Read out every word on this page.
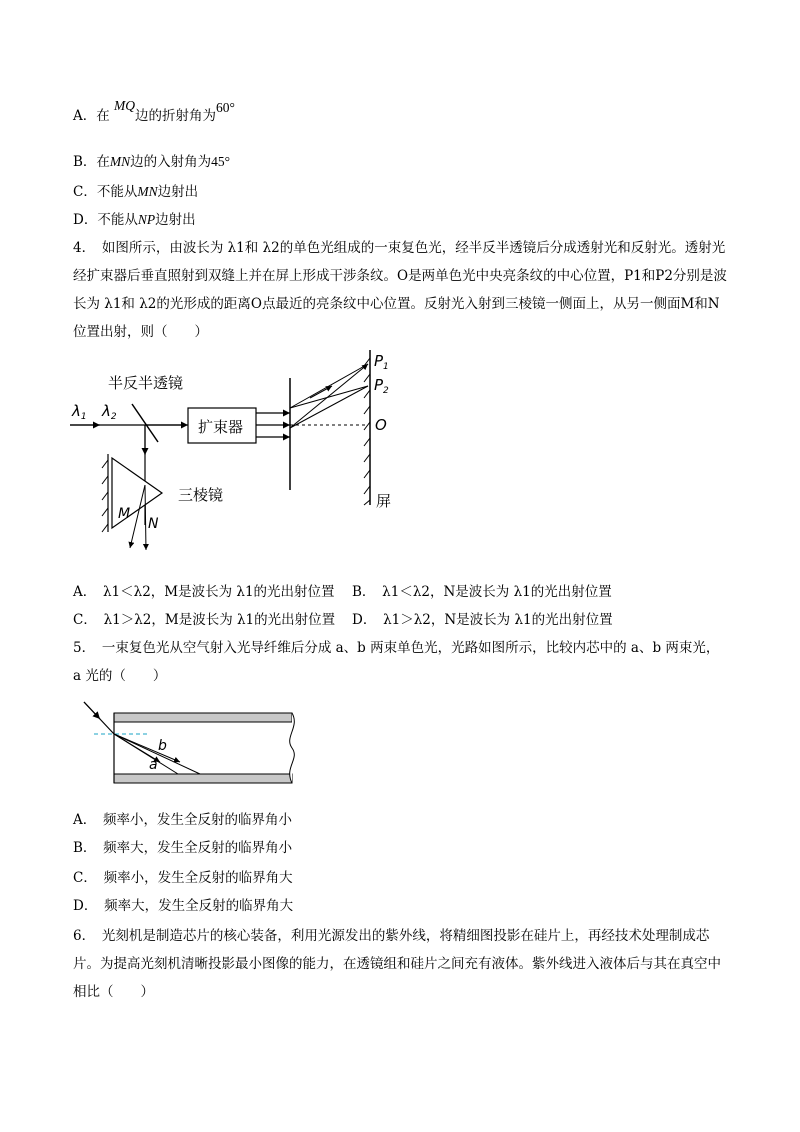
A．在 MQ边的折射角为60°
B．在MN边的入射角为45°
C．不能从MN边射出
D．不能从NP边射出
4．　如图所示，由波长为 λ1和 λ2的单色光组成的一束复色光，经半反半透镜后分成透射光和反射光。透射光经扩束器后垂直照射到双缝上并在屏上形成干涉条纹。O是两单色光中央亮条纹的中心位置，P1和P2分别是波长为 λ1和 λ2的光形成的距离O点最近的亮条纹中心位置。反射光入射到三棱镜一侧面上，从另一侧面M和N位置出射，则（　　）
半反半透镜
$\lambda_1$ $\lambda_2$
扩束器
$P_1$
$P_2$
O
屏
三棱镜
M
N
A．　λ1＜λ2，M是波长为 λ1的光出射位置 B．　λ1＜λ2，N是波长为 λ1的光出射位置
C．　λ1＞λ2，M是波长为 λ1的光出射位置 D．　λ1＞λ2，N是波长为 λ1的光出射位置
5．　一束复色光从空气射入光导纤维后分成 a、b 两束单色光，光路如图所示，比较内芯中的 a、b 两束光，a 光的（　　）
b
a
A．　频率小，发生全反射的临界角小
B．　频率大，发生全反射的临界角小
C．　频率小，发生全反射的临界角大
D．　频率大，发生全反射的临界角大
6．　光刻机是制造芯片的核心装备，利用光源发出的紫外线，将精细图投影在硅片上，再经技术处理制成芯片。为提高光刻机清晰投影最小图像的能力，在透镜组和硅片之间充有液体。紫外线进入液体后与其在真空中相比（　　）
